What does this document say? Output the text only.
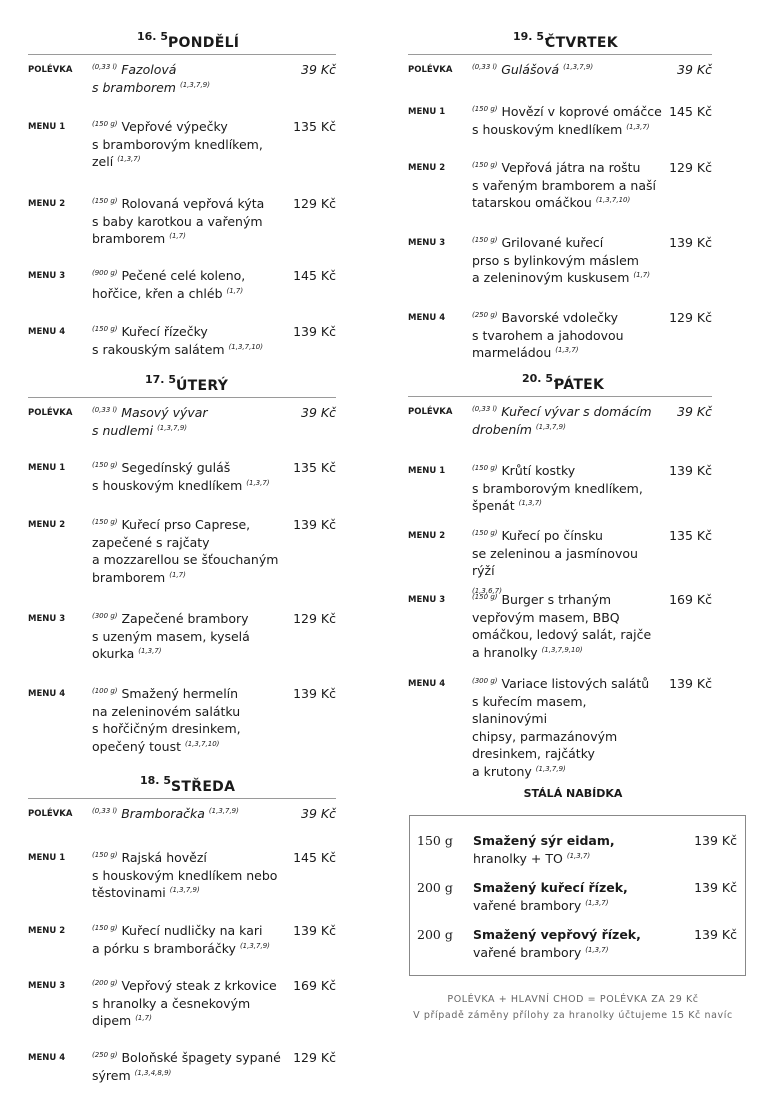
16. 5.
PONDĚLÍ
POLÉVKA	$^{(0,33 l)}$ Fazolová
s bramborem $^{(1,3,7,9)}$
39 Kč
MENU 1	$^{(150 g)}$ Vepřové výpečky
s bramborovým knedlíkem,
zelí $^{(1,3,7)}$
135 Kč
MENU 2	$^{(150 g)}$ Rolovaná vepřová kýta
s baby karotkou a vařeným
bramborem $^{(1,7)}$
129 Kč
MENU 3	$^{(900 g)}$ Pečené celé koleno,
hořčice, křen a chléb $^{(1,7)}$
145 Kč
MENU 4	$^{(150 g)}$ Kuřecí řízečky
s rakouským salátem $^{(1,3,7,10)}$
139 Kč
17. 5.
ÚTERÝ
POLÉVKA	$^{(0,33 l)}$ Masový vývar
s nudlemi $^{(1,3,7,9)}$
39 Kč
MENU 1	$^{(150 g)}$ Segedínský guláš
s houskovým knedlíkem $^{(1,3,7)}$
135 Kč
MENU 2	$^{(150 g)}$ Kuřecí prso Caprese,
zapečené s rajčaty
a mozzarellou se šťouchaným
bramborem $^{(1,7)}$
139 Kč
MENU 3	$^{(300 g)}$ Zapečené brambory
s uzeným masem, kyselá
okurka $^{(1,3,7)}$
129 Kč
MENU 4	$^{(100 g)}$ Smažený hermelín
na zeleninovém salátku
s hořčičným dresinkem,
opečený toust $^{(1,3,7,10)}$
139 Kč
18. 5.
STŘEDA
POLÉVKA	$^{(0,33 l)}$ Bramboračka $^{(1,3,7,9)}$	39 Kč
MENU 1	$^{(150 g)}$ Rajská hovězí
s houskovým knedlíkem nebo
těstovinami $^{(1,3,7,9)}$
145 Kč
MENU 2	$^{(150 g)}$ Kuřecí nudličky na kari
a pórku s bramboráčky $^{(1,3,7,9)}$
139 Kč
MENU 3	$^{(200 g)}$ Vepřový steak z krkovice
s hranolky a česnekovým
dipem $^{(1,7)}$
169 Kč
MENU 4	$^{(250 g)}$ Boloňské špagety sypané
sýrem $^{(1,3,4,8,9)}$
129 Kč
19. 5.
ČTVRTEK
POLÉVKA	$^{(0,33 l)}$ Gulášová $^{(1,3,7,9)}$	39 Kč
MENU 1	$^{(150 g)}$ Hovězí v koprové omáčce
s houskovým knedlíkem $^{(1,3,7)}$
145 Kč
MENU 2	$^{(150 g)}$ Vepřová játra na roštu
s vařeným bramborem a naší
tatarskou omáčkou $^{(1,3,7,10)}$
129 Kč
MENU 3	$^{(150 g)}$ Grilované kuřecí
prso s bylinkovým máslem
a zeleninovým kuskusem $^{(1,7)}$
139 Kč
MENU 4	$^{(250 g)}$ Bavorské vdolečky
s tvarohem a jahodovou
marmeládou $^{(1,3,7)}$
129 Kč
20. 5.
PÁTEK
POLÉVKA	$^{(0,33 l)}$ Kuřecí vývar s domácím
drobením $^{(1,3,7,9)}$
39 Kč
MENU 1	$^{(150 g)}$ Krůtí kostky
s bramborovým knedlíkem,
špenát $^{(1,3,7)}$
139 Kč
MENU 2	$^{(150 g)}$ Kuřecí po čínsku
se zeleninou a jasmínovou rýží
(1,3,6,7)
135 Kč
MENU 3	$^{(150 g)}$ Burger s trhaným
vepřovým masem, BBQ
omáčkou, ledový salát, rajče
a hranolky $^{(1,3,7,9,10)}$
169 Kč
MENU 4	$^{(300 g)}$ Variace listových salátů
s kuřecím masem, slaninovými
chipsy, parmazánovým
dresinkem, rajčátky
a krutony $^{(1,3,7,9)}$
139 Kč
STÁLÁ NABÍDKA
150 g Smažený sýr eidam,
hranolky + TO $^{(1,3,7)}$
139 Kč
200 g Smažený kuřecí řízek,
vařené brambory $^{(1,3,7)}$
139 Kč
200 g Smažený vepřový řízek,
vařené brambory $^{(1,3,7)}$
139 Kč
POLÉVKA + HLAVNÍ CHOD = POLÉVKA ZA 29 Kč
V případě záměny přílohy za hranolky účtujeme 15 Kč navíc
